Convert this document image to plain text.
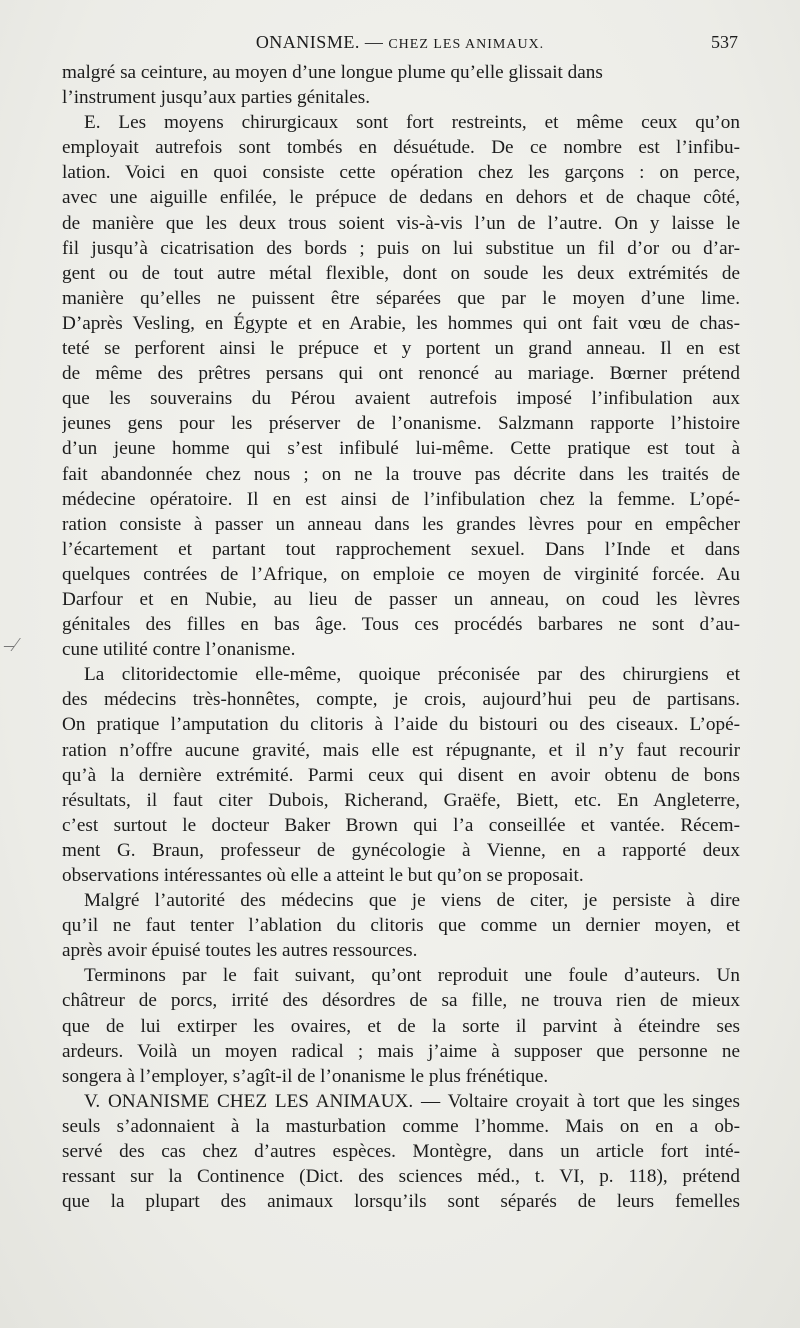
ONANISME. — CHEZ LES ANIMAUX.	537
–⁄
malgré sa ceinture, au moyen d’une longue plume qu’elle glissait dans
l’instrument jusqu’aux parties génitales.
E. Les moyens chirurgicaux sont fort restreints, et même ceux qu’on
employait autrefois sont tombés en désuétude. De ce nombre est l’infibu-
lation. Voici en quoi consiste cette opération chez les garçons : on perce,
avec une aiguille enfilée, le prépuce de dedans en dehors et de chaque côté,
de manière que les deux trous soient vis-à-vis l’un de l’autre. On y laisse le
fil jusqu’à cicatrisation des bords ; puis on lui substitue un fil d’or ou d’ar-
gent ou de tout autre métal flexible, dont on soude les deux extrémités de
manière qu’elles ne puissent être séparées que par le moyen d’une lime.
D’après Vesling, en Égypte et en Arabie, les hommes qui ont fait vœu de chas-
teté se perforent ainsi le prépuce et y portent un grand anneau. Il en est
de même des prêtres persans qui ont renoncé au mariage. Bœrner prétend
que les souverains du Pérou avaient autrefois imposé l’infibulation aux
jeunes gens pour les préserver de l’onanisme. Salzmann rapporte l’histoire
d’un jeune homme qui s’est infibulé lui-même. Cette pratique est tout à
fait abandonnée chez nous ; on ne la trouve pas décrite dans les traités de
médecine opératoire. Il en est ainsi de l’infibulation chez la femme. L’opé-
ration consiste à passer un anneau dans les grandes lèvres pour en empêcher
l’écartement et partant tout rapprochement sexuel. Dans l’Inde et dans
quelques contrées de l’Afrique, on emploie ce moyen de virginité forcée. Au
Darfour et en Nubie, au lieu de passer un anneau, on coud les lèvres
génitales des filles en bas âge. Tous ces procédés barbares ne sont d’au-
cune utilité contre l’onanisme.
La clitoridectomie elle-même, quoique préconisée par des chirurgiens et
des médecins très-honnêtes, compte, je crois, aujourd’hui peu de partisans.
On pratique l’amputation du clitoris à l’aide du bistouri ou des ciseaux. L’opé-
ration n’offre aucune gravité, mais elle est répugnante, et il n’y faut recourir
qu’à la dernière extrémité. Parmi ceux qui disent en avoir obtenu de bons
résultats, il faut citer Dubois, Richerand, Graëfe, Biett, etc. En Angleterre,
c’est surtout le docteur Baker Brown qui l’a conseillée et vantée. Récem-
ment G. Braun, professeur de gynécologie à Vienne, en a rapporté deux
observations intéressantes où elle a atteint le but qu’on se proposait.
Malgré l’autorité des médecins que je viens de citer, je persiste à dire
qu’il ne faut tenter l’ablation du clitoris que comme un dernier moyen, et
après avoir épuisé toutes les autres ressources.
Terminons par le fait suivant, qu’ont reproduit une foule d’auteurs. Un
châtreur de porcs, irrité des désordres de sa fille, ne trouva rien de mieux
que de lui extirper les ovaires, et de la sorte il parvint à éteindre ses
ardeurs. Voilà un moyen radical ; mais j’aime à supposer que personne ne
songera à l’employer, s’agît-il de l’onanisme le plus frénétique.
V. ONANISME CHEZ LES ANIMAUX. — Voltaire croyait à tort que les singes
seuls s’adonnaient à la masturbation comme l’homme. Mais on en a ob-
servé des cas chez d’autres espèces. Montègre, dans un article fort inté-
ressant sur la Continence (Dict. des sciences méd., t. VI, p. 118), prétend
que la plupart des animaux lorsqu’ils sont séparés de leurs femelles
